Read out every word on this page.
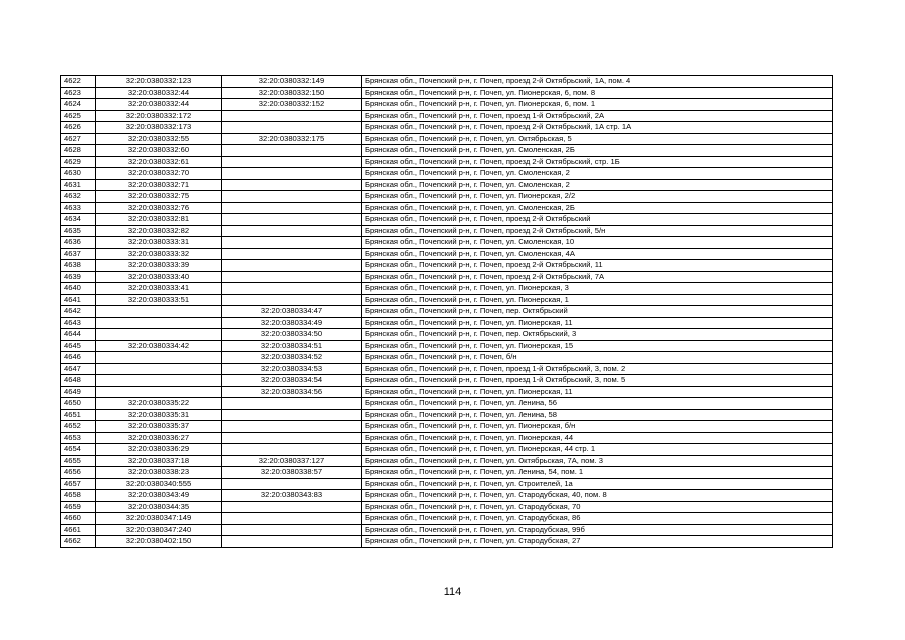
4622	32:20:0380332:123	32:20:0380332:149	Брянская обл., Почепский р-н, г. Почеп, проезд 2-й Октябрьский, 1А, пом. 4
4623	32:20:0380332:44	32:20:0380332:150	Брянская обл., Почепский р-н, г. Почеп, ул. Пионерская, 6, пом. 8
4624	32:20:0380332:44	32:20:0380332:152	Брянская обл., Почепский р-н, г. Почеп, ул. Пионерская, 6, пом. 1
4625	32:20:0380332:172		Брянская обл., Почепский р-н, г. Почеп, проезд 1-й Октябрьский, 2А
4626	32:20:0380332:173		Брянская обл., Почепский р-н, г. Почеп, проезд 2-й Октябрьский, 1А стр. 1А
4627	32:20:0380332:55	32:20:0380332:175	Брянская обл., Почепский р-н, г. Почеп, ул. Октябрьская, 5
4628	32:20:0380332:60		Брянская обл., Почепский р-н, г. Почеп, ул. Смоленская, 2Б
4629	32:20:0380332:61		Брянская обл., Почепский р-н, г. Почеп, проезд 2-й Октябрьский, стр. 1Б
4630	32:20:0380332:70		Брянская обл., Почепский р-н, г. Почеп, ул. Смоленская, 2
4631	32:20:0380332:71		Брянская обл., Почепский р-н, г. Почеп, ул. Смоленская, 2
4632	32:20:0380332:75		Брянская обл., Почепский р-н, г. Почеп, ул. Пионерская, 2/2
4633	32:20:0380332:76		Брянская обл., Почепский р-н, г. Почеп, ул. Смоленская, 2Б
4634	32:20:0380332:81		Брянская обл., Почепский р-н, г. Почеп, проезд 2-й Октябрьский
4635	32:20:0380332:82		Брянская обл., Почепский р-н, г. Почеп, проезд 2-й Октябрьский, 5/н
4636	32:20:0380333:31		Брянская обл., Почепский р-н, г. Почеп, ул. Смоленская, 10
4637	32:20:0380333:32		Брянская обл., Почепский р-н, г. Почеп, ул. Смоленская, 4А
4638	32:20:0380333:39		Брянская обл., Почепский р-н, г. Почеп, проезд 2-й Октябрьский, 11
4639	32:20:0380333:40		Брянская обл., Почепский р-н, г. Почеп, проезд 2-й Октябрьский, 7А
4640	32:20:0380333:41		Брянская обл., Почепский р-н, г. Почеп, ул. Пионерская, 3
4641	32:20:0380333:51		Брянская обл., Почепский р-н, г. Почеп, ул. Пионерская, 1
4642		32:20:0380334:47	Брянская обл., Почепский р-н, г. Почеп, пер. Октябрьский
4643		32:20:0380334:49	Брянская обл., Почепский р-н, г. Почеп, ул. Пионерская, 11
4644		32:20:0380334:50	Брянская обл., Почепский р-н, г. Почеп, пер. Октябрьский, 3
4645	32:20:0380334:42	32:20:0380334:51	Брянская обл., Почепский р-н, г. Почеп, ул. Пионерская, 15
4646		32:20:0380334:52	Брянская обл., Почепский р-н, г. Почеп, б/н
4647		32:20:0380334:53	Брянская обл., Почепский р-н, г. Почеп, проезд 1-й Октябрьский, 3, пом. 2
4648		32:20:0380334:54	Брянская обл., Почепский р-н, г. Почеп, проезд 1-й Октябрьский, 3, пом. 5
4649		32:20:0380334:56	Брянская обл., Почепский р-н, г. Почеп, ул. Пионерская, 11
4650	32:20:0380335:22		Брянская обл., Почепский р-н, г. Почеп, ул. Ленина, 56
4651	32:20:0380335:31		Брянская обл., Почепский р-н, г. Почеп, ул. Ленина, 58
4652	32:20:0380335:37		Брянская обл., Почепский р-н, г. Почеп, ул. Пионерская, б/н
4653	32:20:0380336:27		Брянская обл., Почепский р-н, г. Почеп, ул. Пионерская, 44
4654	32:20:0380336:29		Брянская обл., Почепский р-н, г. Почеп, ул. Пионерская, 44 стр. 1
4655	32:20:0380337:18	32:20:0380337:127	Брянская обл., Почепский р-н, г. Почеп, ул. Октябрьская, 7А, пом. 3
4656	32:20:0380338:23	32:20:0380338:57	Брянская обл., Почепский р-н, г. Почеп, ул. Ленина, 54, пом. 1
4657	32:20:0380340:555		Брянская обл., Почепский р-н, г. Почеп, ул. Строителей, 1а
4658	32:20:0380343:49	32:20:0380343:83	Брянская обл., Почепский р-н, г. Почеп, ул. Стародубская, 40, пом. 8
4659	32:20:0380344:35		Брянская обл., Почепский р-н, г. Почеп, ул. Стародубская, 70
4660	32:20:0380347:149		Брянская обл., Почепский р-н, г. Почеп, ул. Стародубская, 86
4661	32:20:0380347:240		Брянская обл., Почепский р-н, г. Почеп, ул. Стародубская, 99б
4662	32:20:0380402:150		Брянская обл., Почепский р-н, г. Почеп, ул. Стародубская, 27
114
